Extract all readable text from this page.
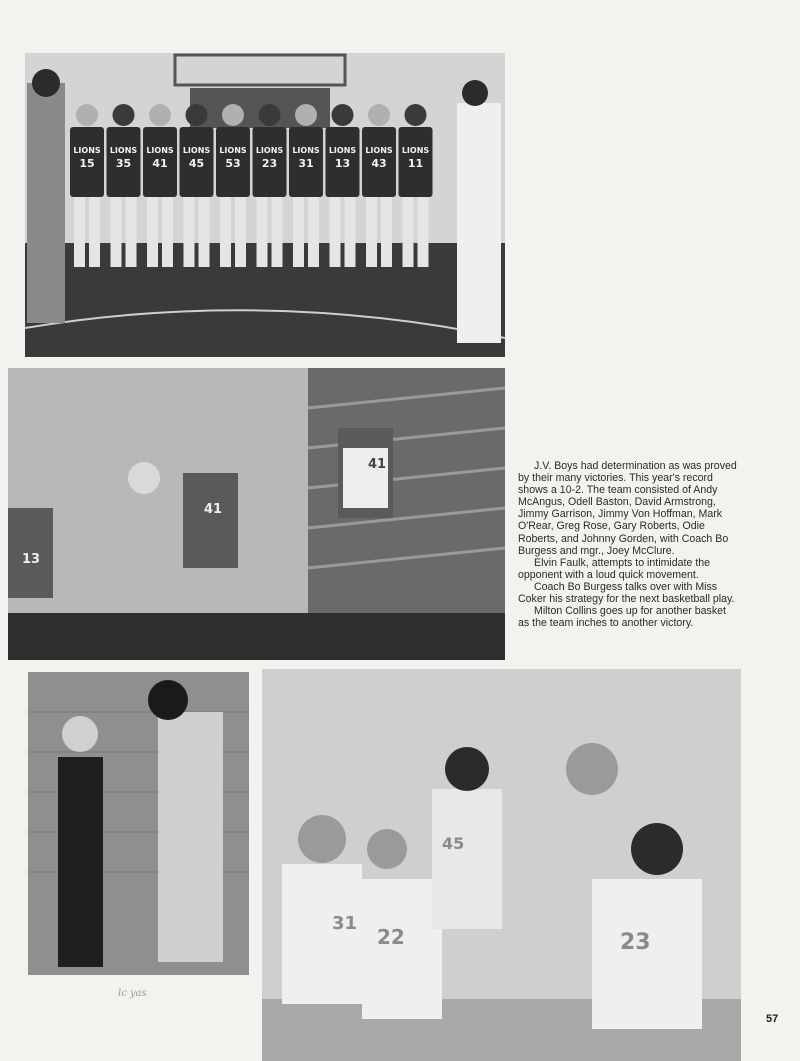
LIONS
15
LIONS
35
LIONS
41
LIONS
45
LIONS
53
LIONS
23
LIONS
31
LIONS
13
LIONS
43
LIONS
11
13
41
41
45
31
22	23

J.V. Boys had determination as was proved by their many victories. This year's record shows a 10-2. The team consisted of Andy McAngus, Odell Baston, David Armstrong, Jimmy Garrison, Jimmy Von Hoffman, Mark O'Rear, Greg Rose, Gary Roberts, Odie Roberts, and Johnny Gorden, with Coach Bo Burgess and mgr., Joey McClure.

Elvin Faulk, attempts to intimidate the opponent with a loud quick movement.

Coach Bo Burgess talks over with Miss Coker his strategy for the next basketball play.

Milton Collins goes up for another basket as the team inches to another victory.

lc yas
57
